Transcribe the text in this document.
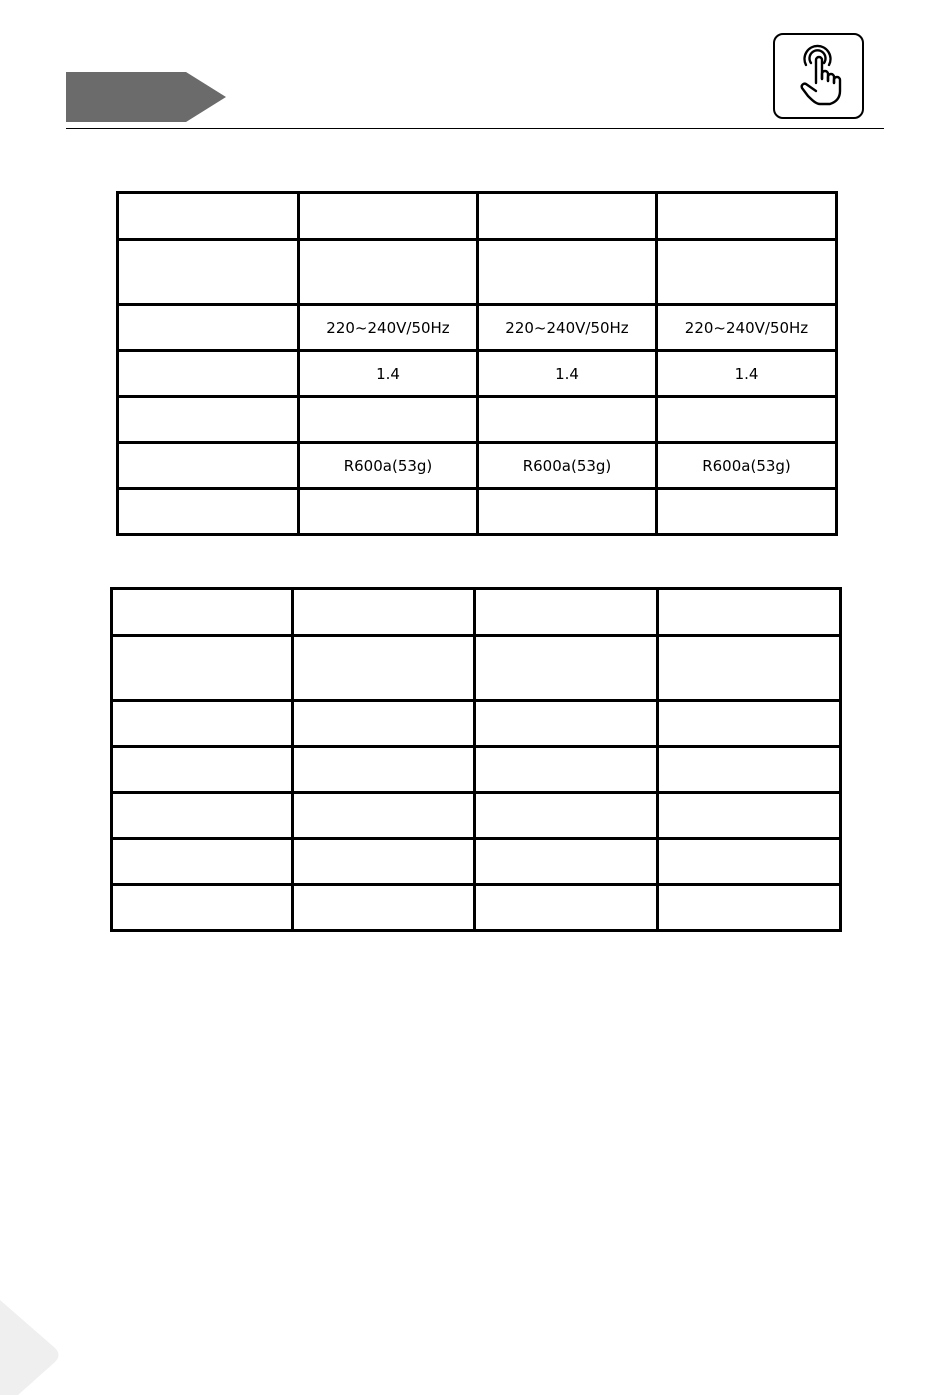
	220~240V/50Hz	220~240V/50Hz	220~240V/50Hz
	1.4	1.4	1.4

	R600a(53g)	R600a(53g)	R600a(53g)
